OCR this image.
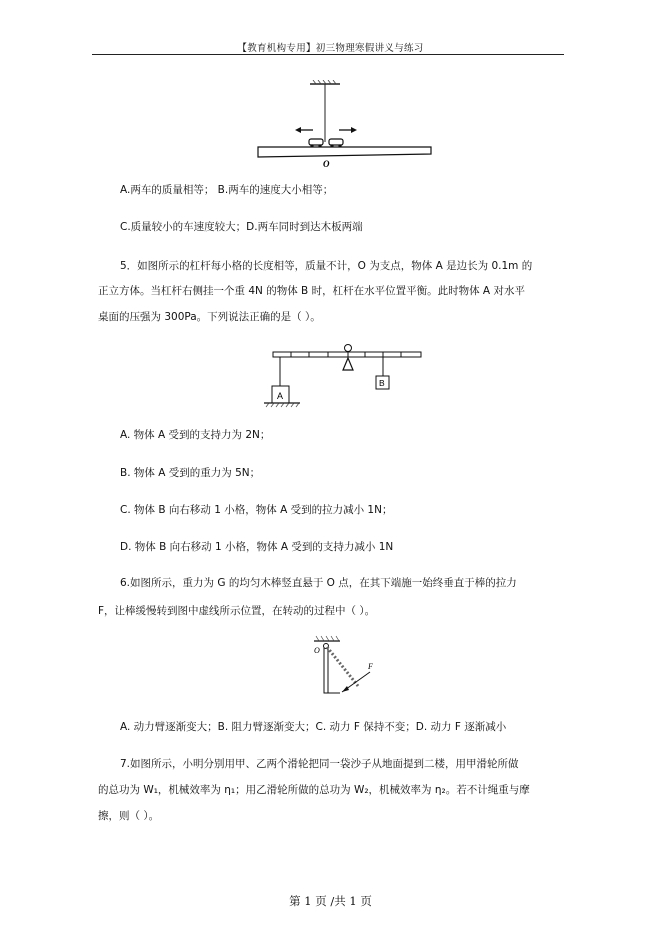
【教育机构专用】初三物理寒假讲义与练习
O
A.两车的质量相等； B.两车的速度大小相等；
C.质量较小的车速度较大；D.两车同时到达木板两端
5．如图所示的杠杆每小格的长度相等，质量不计，O 为支点，物体 A 是边长为 0.1m 的
正立方体。当杠杆右侧挂一个重 4N 的物体 B 时，杠杆在水平位置平衡。此时物体 A 对水平
桌面的压强为 300Pa。下列说法正确的是（ ）。
A
B
A. 物体 A 受到的支持力为 2N；
B. 物体 A 受到的重力为 5N；
C. 物体 B 向右移动 1 小格，物体 A 受到的拉力减小 1N；
D. 物体 B 向右移动 1 小格，物体 A 受到的支持力减小 1N
6.如图所示，重力为 G 的均匀木棒竖直悬于 O 点，在其下端施一始终垂直于棒的拉力
F，让棒缓慢转到图中虚线所示位置，在转动的过程中（ ）。
O
F
A. 动力臂逐渐变大；B. 阻力臂逐渐变大；C. 动力 F 保持不变；D. 动力 F 逐渐减小
7.如图所示，小明分别用甲、乙两个滑轮把同一袋沙子从地面提到二楼，用甲滑轮所做
的总功为 W₁，机械效率为 η₁；用乙滑轮所做的总功为 W₂，机械效率为 η₂。若不计绳重与摩
擦，则（ ）。
第 1 页 /共 1 页
